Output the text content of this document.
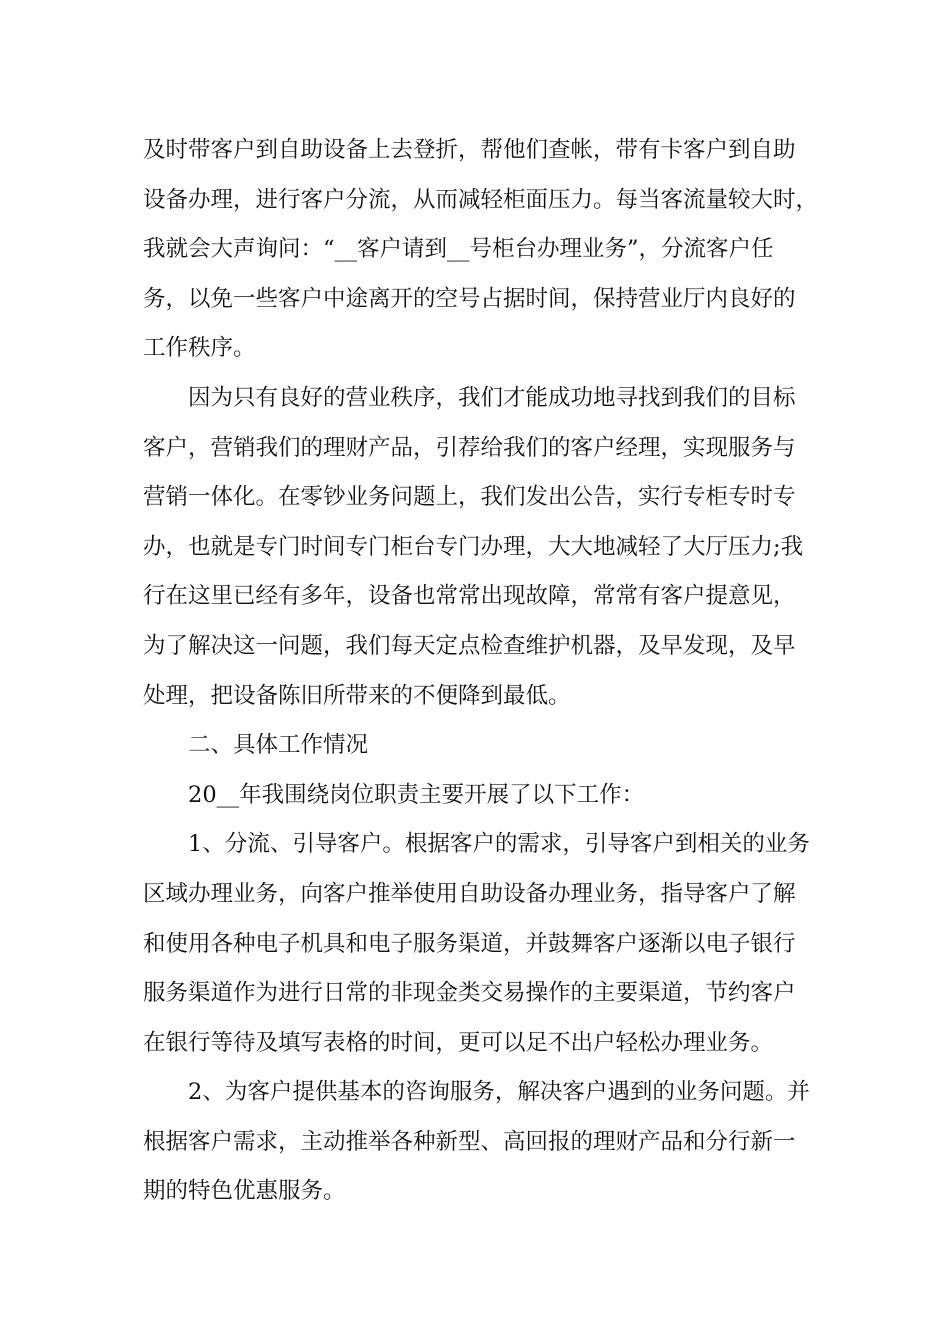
及时带客户到自助设备上去登折，帮他们查帐，带有卡客户到自助
设备办理，进行客户分流，从而减轻柜面压力。每当客流量较大时，
我就会大声询问：“__客户请到__号柜台办理业务”，分流客户任
务，以免一些客户中途离开的空号占据时间，保持营业厅内良好的
工作秩序。
因为只有良好的营业秩序，我们才能成功地寻找到我们的目标
客户，营销我们的理财产品，引荐给我们的客户经理，实现服务与
营销一体化。在零钞业务问题上，我们发出公告，实行专柜专时专
办，也就是专门时间专门柜台专门办理，大大地减轻了大厅压力;我
行在这里已经有多年，设备也常常出现故障，常常有客户提意见，
为了解决这一问题，我们每天定点检查维护机器，及早发现，及早
处理，把设备陈旧所带来的不便降到最低。
二、具体工作情况
20__年我围绕岗位职责主要开展了以下工作：
1、分流、引导客户。根据客户的需求，引导客户到相关的业务
区域办理业务，向客户推举使用自助设备办理业务，指导客户了解
和使用各种电子机具和电子服务渠道，并鼓舞客户逐渐以电子银行
服务渠道作为进行日常的非现金类交易操作的主要渠道，节约客户
在银行等待及填写表格的时间，更可以足不出户轻松办理业务。
2、为客户提供基本的咨询服务，解决客户遇到的业务问题。并
根据客户需求，主动推举各种新型、高回报的理财产品和分行新一
期的特色优惠服务。
